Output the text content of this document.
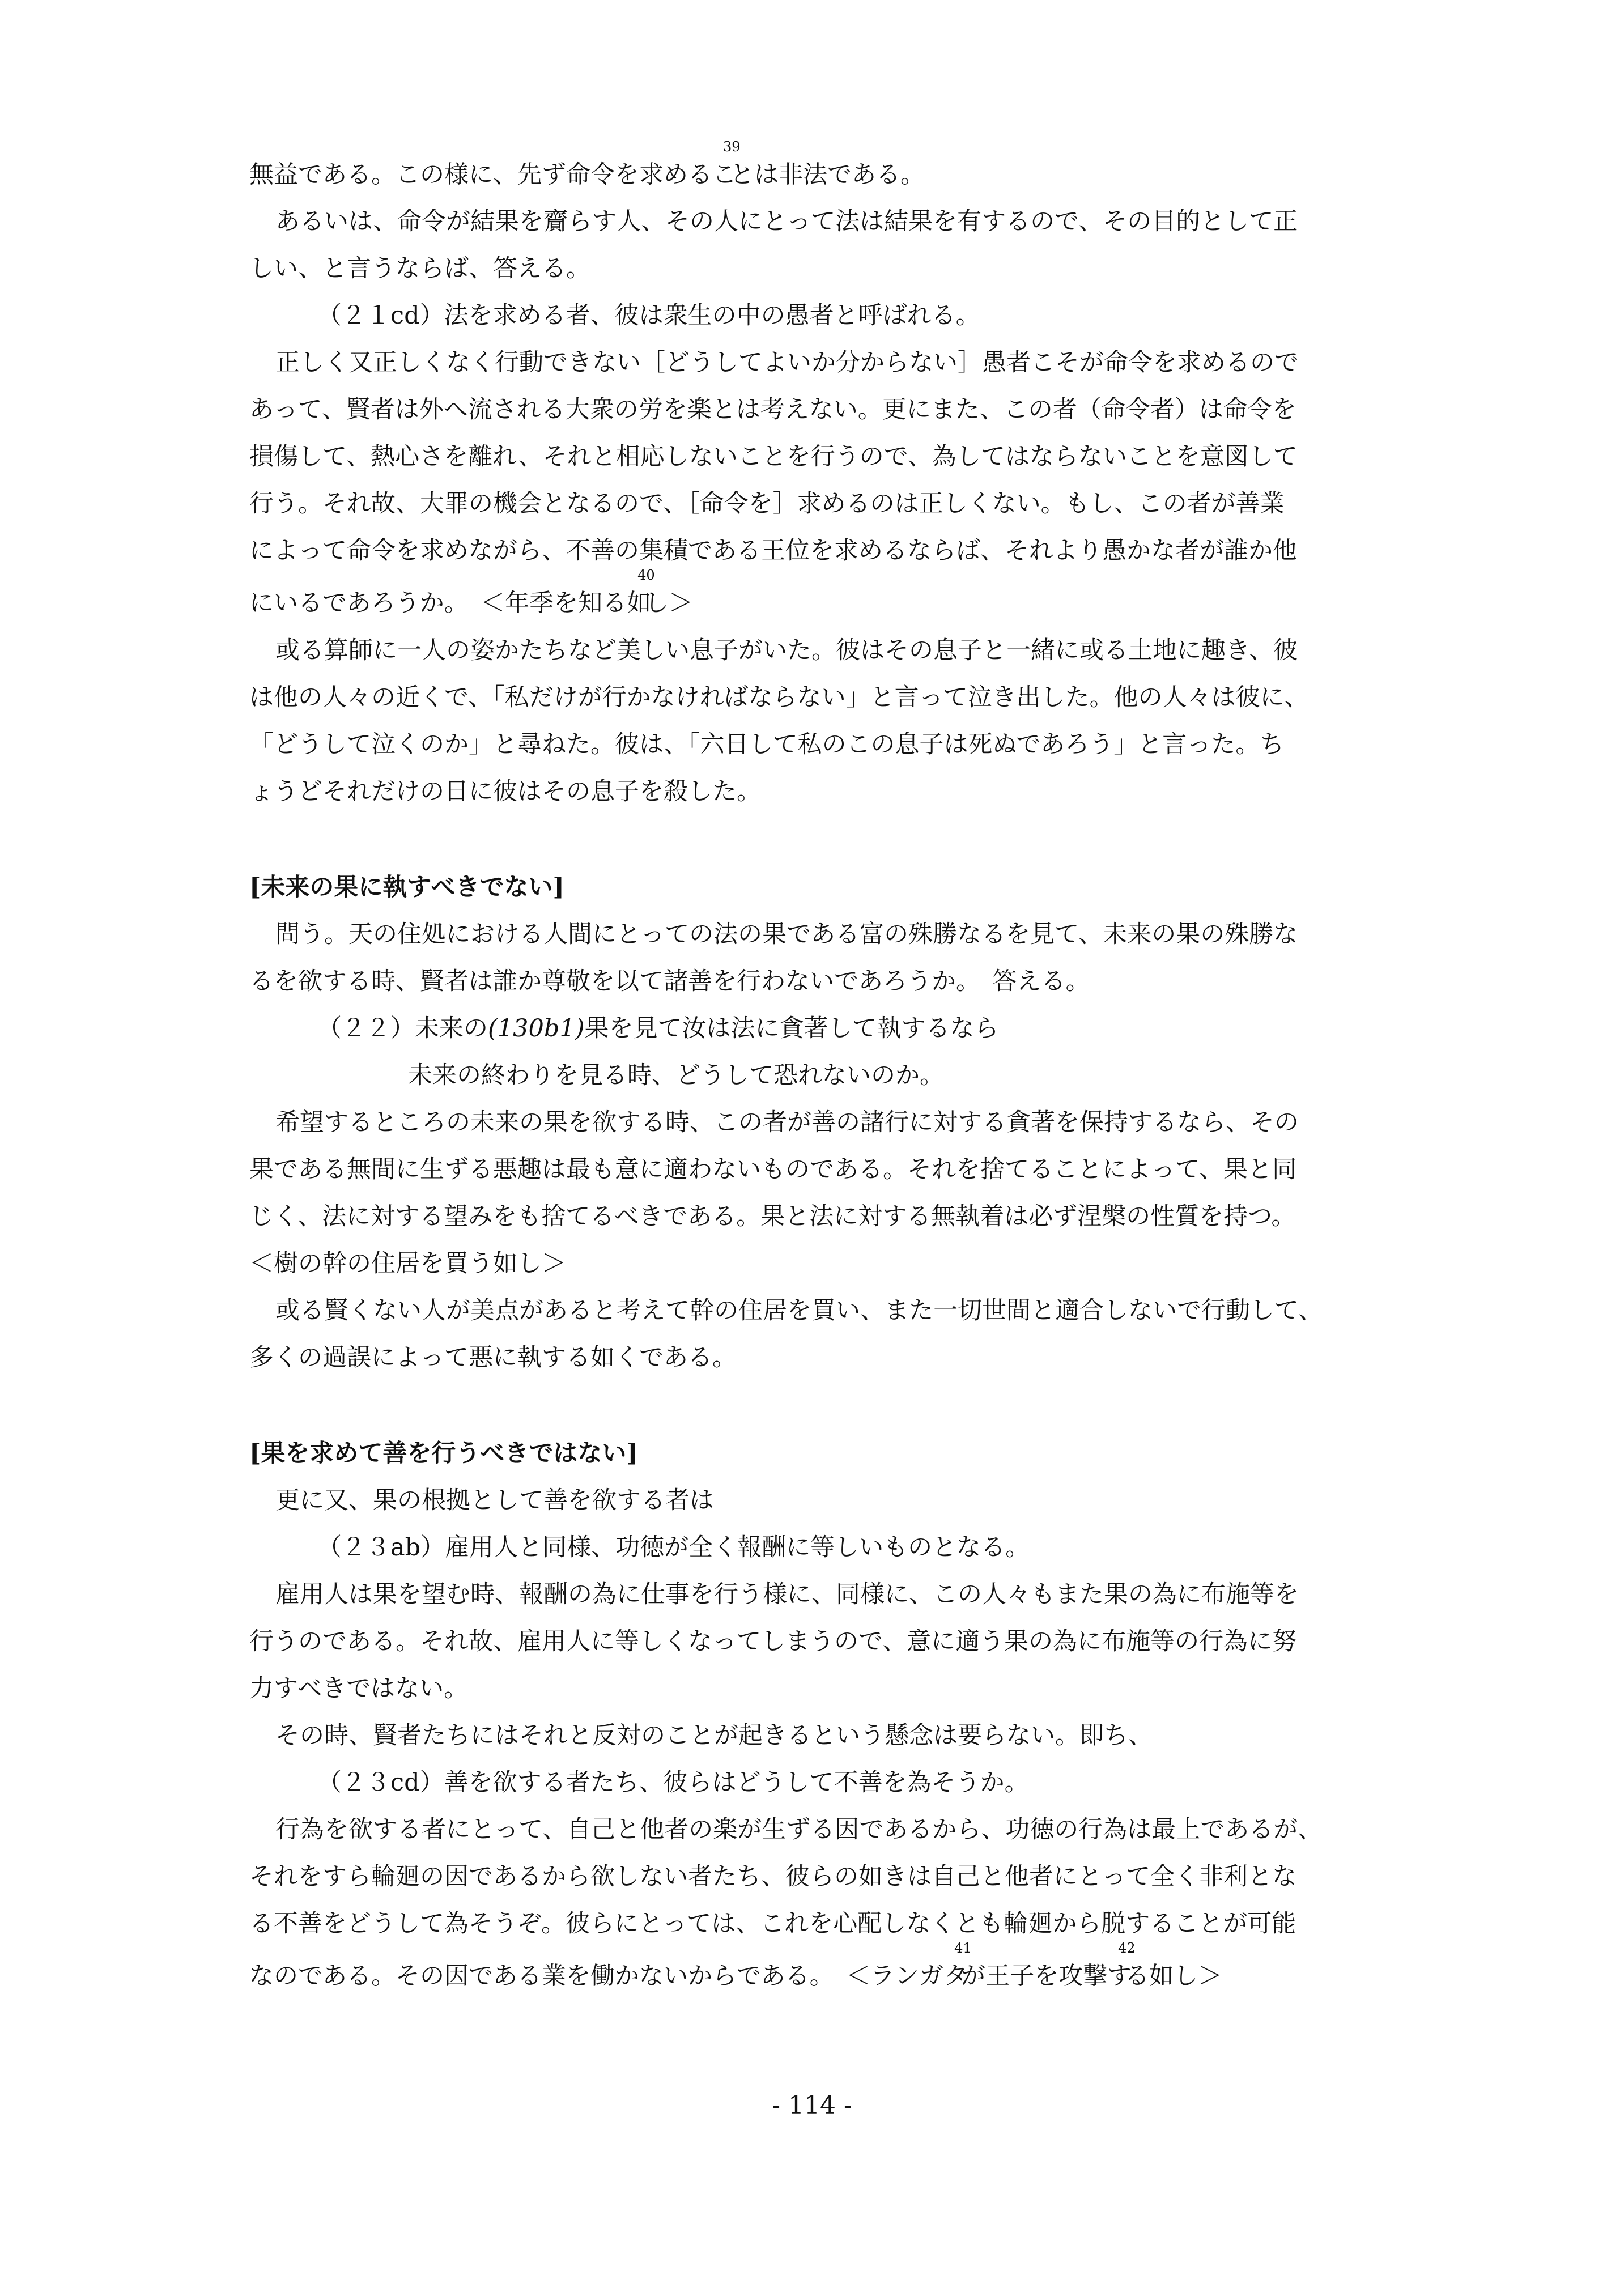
無益である。この様に、先ず命令を求めるこ$^{39}$とは非法である。
あるいは、命令が結果を齎らす人、その人にとって法は結果を有するので、その目的として正
しい、と言うならば、答える。
（２１cd）法を求める者、彼は衆生の中の愚者と呼ばれる。
正しく又正しくなく行動できない［どうしてよいか分からない］愚者こそが命令を求めるので
あって、賢者は外へ流される大衆の労を楽とは考えない。更にまた、この者（命令者）は命令を
損傷して、熱心さを離れ、それと相応しないことを行うので、為してはならないことを意図して
行う。それ故、大罪の機会となるので、［命令を］求めるのは正しくない。もし、この者が善業
によって命令を求めながら、不善の集積である王位を求めるならば、それより愚かな者が誰か他
にいるであろうか。　＜年季を知る如$^{40}$し＞
或る算師に一人の姿かたちなど美しい息子がいた。彼はその息子と一緒に或る土地に趣き、彼
は他の人々の近くで、「私だけが行かなければならない」と言って泣き出した。他の人々は彼に、
「どうして泣くのか」と尋ねた。彼は、「六日して私のこの息子は死ぬであろう」と言った。ち
ょうどそれだけの日に彼はその息子を殺した。
[未来の果に執すべきでない]
問う。天の住処における人間にとっての法の果である富の殊勝なるを見て、未来の果の殊勝な
るを欲する時、賢者は誰か尊敬を以て諸善を行わないであろうか。　答える。
（２２）未来の(130b1)果を見て汝は法に貪著して執するなら
未来の終わりを見る時、どうして恐れないのか。
希望するところの未来の果を欲する時、この者が善の諸行に対する貪著を保持するなら、その
果である無間に生ずる悪趣は最も意に適わないものである。それを捨てることによって、果と同
じく、法に対する望みをも捨てるべきである。果と法に対する無執着は必ず涅槃の性質を持つ。
＜樹の幹の住居を買う如し＞
或る賢くない人が美点があると考えて幹の住居を買い、また一切世間と適合しないで行動して、
多くの過誤によって悪に執する如くである。
[果を求めて善を行うべきではない]
更に又、果の根拠として善を欲する者は
（２３ab）雇用人と同様、功徳が全く報酬に等しいものとなる。
雇用人は果を望む時、報酬の為に仕事を行う様に、同様に、この人々もまた果の為に布施等を
行うのである。それ故、雇用人に等しくなってしまうので、意に適う果の為に布施等の行為に努
力すべきではない。
その時、賢者たちにはそれと反対のことが起きるという懸念は要らない。即ち、
（２３cd）善を欲する者たち、彼らはどうして不善を為そうか。
行為を欲する者にとって、自己と他者の楽が生ずる因であるから、功徳の行為は最上であるが、
それをすら輪廻の因であるから欲しない者たち、彼らの如きは自己と他者にとって全く非利とな
る不善をどうして為そうぞ。彼らにとっては、これを心配しなくとも輪廻から脱することが可能
なのである。その因である業を働かないからである。　＜ランガタ$^{41}$が王子を攻撃す$^{42}$る如し＞
- 114 -
